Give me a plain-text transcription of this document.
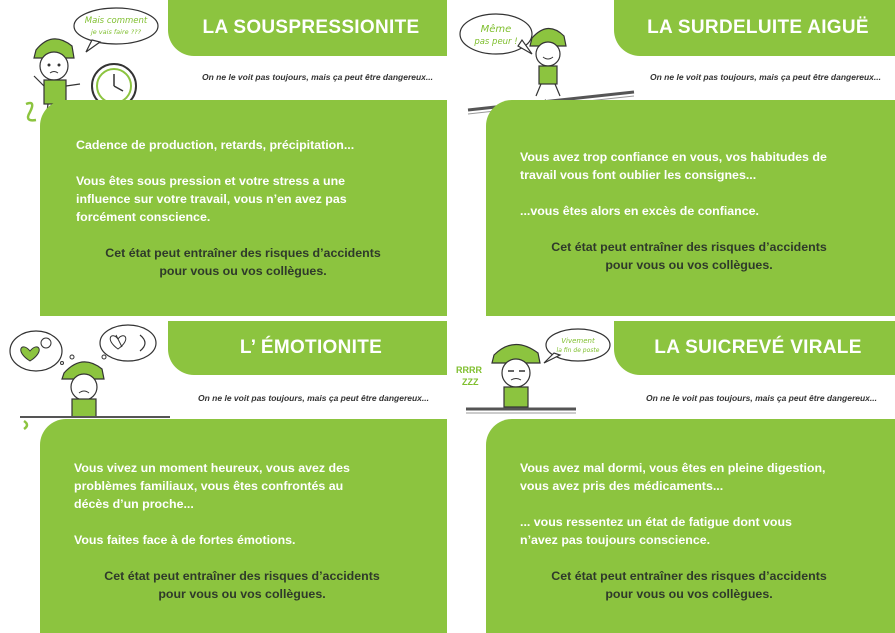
Mais comment
je vais faire ???	LA SOUSPRESSIONITE
On ne le voit pas toujours, mais ça peut être dangereux...

Cadence de production, retards, précipitation...

Vous êtes sous pression et votre stress a une
influence sur votre travail, vous n’en avez pas
forcément conscience.

Cet état peut entraîner des risques d’accidents
pour vous ou vos collègues.

Même
pas peur !
LA SURDELUITE AIGUË
On ne le voit pas toujours, mais ça peut être dangereux...

Vous avez trop confiance en vous, vos habitudes de
travail vous font oublier les consignes...

...vous êtes alors en excès de confiance.

Cet état peut entraîner des risques d’accidents
pour vous ou vos collègues.

L’ ÉMOTIONITE
On ne le voit pas toujours, mais ça peut être dangereux...

Vous vivez un moment heureux, vous avez des
problèmes familiaux, vous êtes confrontés au
décès d’un proche...

Vous faites face à de fortes émotions.

Cet état peut entraîner des risques d’accidents
pour vous ou vos collègues.

Vivement
la fin de poste
RRRR
ZZZ
LA SUICREVÉ VIRALE
On ne le voit pas toujours, mais ça peut être dangereux...

Vous avez mal dormi, vous êtes en pleine digestion,
vous avez pris des médicaments...

... vous ressentez un état de fatigue dont vous
n’avez pas toujours conscience.

Cet état peut entraîner des risques d’accidents
pour vous ou vos collègues.
